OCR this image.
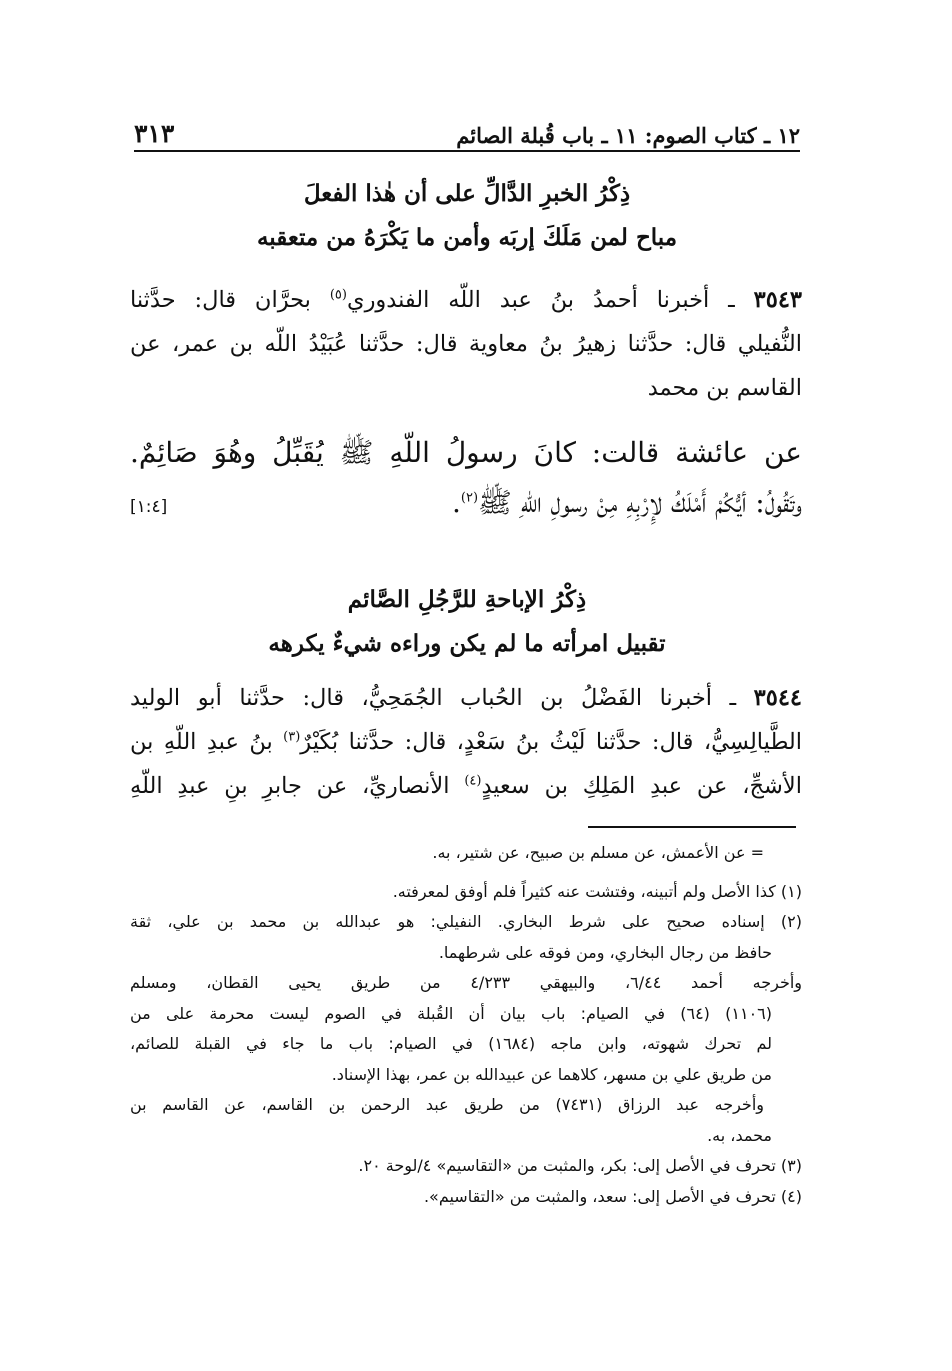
١٢ ـ كتاب الصوم: ١١ ـ باب قُبلة الصائم
٣١٣
ذِكْرُ الخبرِ الدَّالِّ على أن هٰذا الفعلَ
مباح لمن مَلَكَ إربَه وأمن ما يَكْرَهُ من متعقبه
٣٥٤٣ ـ أخبرنا أحمدُ بنُ عبد اللّه الفندوري$^{(٥)}$ بحرَّان قال: حدَّثنا
النُّفيلي قال: حدَّثنا زهيرُ بنُ معاوية قال: حدَّثنا عُبَيْدُ اللّه بن عمر، عن
القاسم بن محمد
عن عائشة قالت: كانَ رسولُ اللّهِ ﷺ يُقَبِّلُ وهُوَ صَائِمٌ.
وتَقُولُ: أيُّكُمْ أَمْلَكُ لإِرْبِهِ مِنْ رسولِ اللّهِ ﷺ$^{(٢)}$.
[١:٤]
ذِكْرُ الإباحةِ للرَّجُلِ الصَّائم
تقبيل امرأته ما لم يكن وراءه شيءٌ يكرهه
٣٥٤٤ ـ أخبرنا الفَضْلُ بن الحُباب الجُمَحِيُّ، قال: حدَّثنا أبو الوليد
الطَّيالِسِيُّ، قال: حدَّثنا لَيْثُ بنُ سَعْدٍ، قال: حدَّثنا بُكَيْرٌ$^{(٣)}$ بنُ عبدِ اللّهِ بن
الأشجِّ، عن عبدِ المَلِكِ بن سعيدٍ$^{(٤)}$ الأنصاريِّ، عن جابرِ بنِ عبدِ اللّهِ
= عن الأعمش، عن مسلم بن صبيح، عن شتير، به.
(١) كذا الأصل ولم أتبينه، وفتشت عنه كثيراً فلم أوفق لمعرفته.
(٢) إسناده صحيح على شرط البخاري. النفيلي: هو عبدالله بن محمد بن علي، ثقة
حافظ من رجال البخاري، ومن فوقه على شرطهما.
وأخرجه أحمد ٦/٤٤، والبيهقي ٤/٢٣٣ من طريق يحيى القطان، ومسلم
(١١٠٦) (٦٤) في الصيام: باب بيان أن القُبلة في الصوم ليست محرمة على من
لم تحرك شهوته، وابن ماجه (١٦٨٤) في الصيام: باب ما جاء في القبلة للصائم،
من طريق علي بن مسهر، كلاهما عن عبيدالله بن عمر، بهذا الإسناد.
وأخرجه عبد الرزاق (٧٤٣١) من طريق عبد الرحمن بن القاسم، عن القاسم بن
محمد، به.
(٣) تحرف في الأصل إلى: بكر، والمثبت من «التقاسيم» ٤/لوحة ٢٠.
(٤) تحرف في الأصل إلى: سعد، والمثبت من «التقاسيم».
